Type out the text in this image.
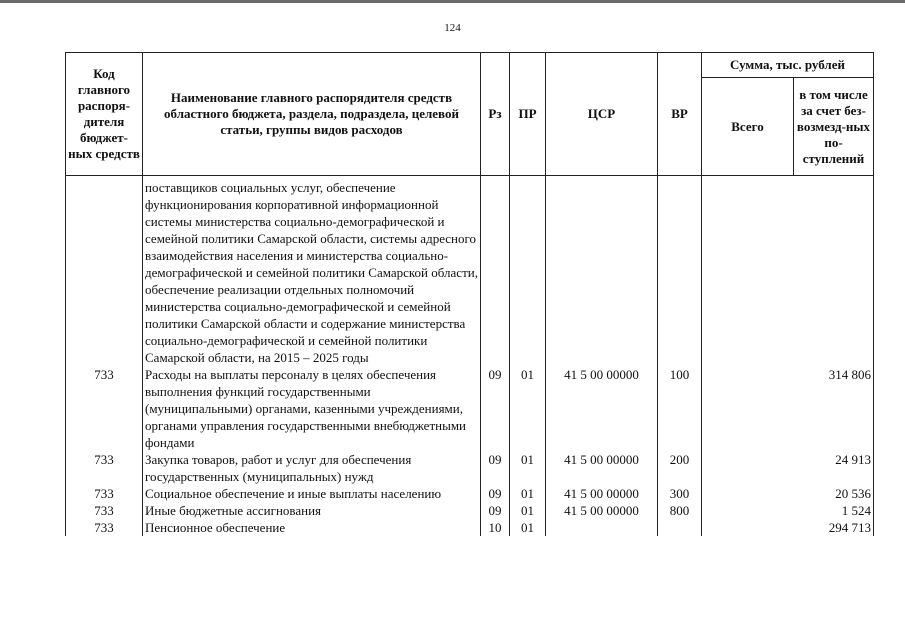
124
Код главного распоря-дителя бюджет-ных средств	Наименование главного распорядителя средств областного бюджета, раздела, подраздела, целевой статьи, группы видов расходов	Рз	ПР	ЦСР	ВР	Сумма, тыс. рублей	
						Всего	в том числе за счет без-возмезд-ных по-ступлений
	поставщиков социальных услуг, обеспечение функционирования корпоративной информационной системы министерства социально-демографической и семейной политики Самарской области, системы адресного взаимодействия населения и министерства социально-демографической и семейной политики Самарской области, обеспечение реализации отдельных полномочий министерства социально-демографической и семейной политики Самарской области и содержание министерства социально-демографической и семейной политики Самарской области, на 2015 – 2025 годы						
733	Расходы на выплаты персоналу в целях обеспечения выполнения функций государственными (муниципальными) органами, казенными учреждениями, органами управления государственными внебюджетными фондами	09	01	41 5 00 00000	100	314 806	
733	Закупка товаров, работ и услуг для обеспечения государственных (муниципальных) нужд	09	01	41 5 00 00000	200	24 913	
733	Социальное обеспечение и иные выплаты населению	09	01	41 5 00 00000	300	20 536	
733	Иные бюджетные ассигнования	09	01	41 5 00 00000	800	1 524	
733	Пенсионное обеспечение	10	01			294 713	
